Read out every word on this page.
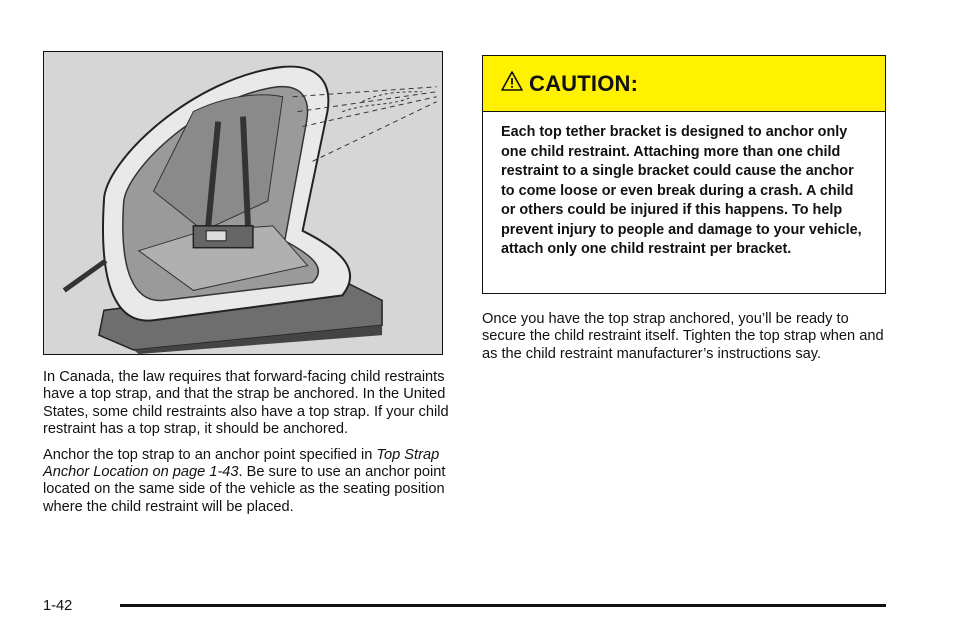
In Canada, the law requires that forward-facing child restraints have a top strap, and that the strap be anchored. In the United States, some child restraints also have a top strap. If your child restraint has a top strap, it should be anchored.

Anchor the top strap to an anchor point specified in Top Strap Anchor Location on page 1-43. Be sure to use an anchor point located on the same side of the vehicle as the seating position where the child restraint will be placed.

CAUTION:
Each top tether bracket is designed to anchor only one child restraint. Attaching more than one child restraint to a single bracket could cause the anchor to come loose or even break during a crash. A child or others could be injured if this happens. To help prevent injury to people and damage to your vehicle, attach only one child restraint per bracket.

Once you have the top strap anchored, you’ll be ready to secure the child restraint itself. Tighten the top strap when and as the child restraint manufacturer’s instructions say.

1-42
